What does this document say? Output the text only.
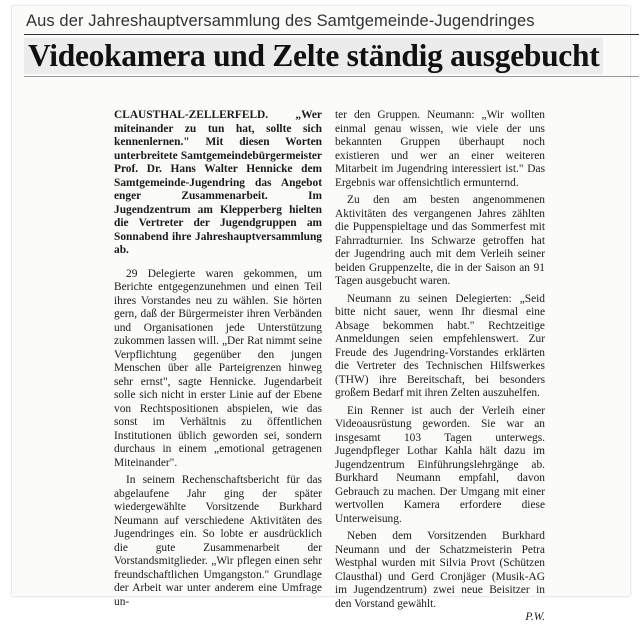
Aus der Jahreshauptversammlung des Samtgemeinde-Jugendringes
Videokamera und Zelte ständig ausgebucht

CLAUSTHAL-ZELLERFELD. „Wer miteinander zu tun hat, sollte sich kennenlernen." Mit diesen Worten unterbreitete Samtgemeindebürgermeister Prof. Dr. Hans Walter Hennicke dem Samtgemeinde-Jugendring das Angebot enger Zusammenarbeit. Im Jugendzentrum am Klepperberg hielten die Vertreter der Jugendgruppen am Sonnabend ihre Jahreshauptversammlung ab.

29 Delegierte waren gekommen, um Berichte entgegenzunehmen und einen Teil ihres Vorstandes neu zu wählen. Sie hörten gern, daß der Bürgermeister ihren Verbänden und Organisationen jede Unterstützung zukommen lassen will. „Der Rat nimmt seine Verpflichtung gegenüber den jungen Menschen über alle Parteigrenzen hinweg sehr ernst", sagte Hennicke. Jugendarbeit solle sich nicht in erster Linie auf der Ebene von Rechtspositionen abspielen, wie das sonst im Verhältnis zu öffentlichen Institutionen üblich geworden sei, sondern durchaus in einem „emotional getragenen Miteinander".

In seinem Rechenschaftsbericht für das abgelaufene Jahr ging der später wiedergewählte Vorsitzende Burkhard Neumann auf verschiedene Aktivitäten des Jugendringes ein. So lobte er ausdrücklich die gute Zusammenarbeit der Vorstandsmitglieder. „Wir pflegen einen sehr freundschaftlichen Umgangston." Grundlage der Arbeit war unter anderem eine Umfrage un-

ter den Gruppen. Neumann: „Wir wollten einmal genau wissen, wie viele der uns bekannten Gruppen überhaupt noch existieren und wer an einer weiteren Mitarbeit im Jugendring interessiert ist." Das Ergebnis war offensichtlich ermunternd.

Zu den am besten angenommenen Aktivitäten des vergangenen Jahres zählten die Puppenspieltage und das Sommerfest mit Fahrradturnier. Ins Schwarze getroffen hat der Jugendring auch mit dem Verleih seiner beiden Gruppenzelte, die in der Saison an 91 Tagen ausgebucht waren.

Neumann zu seinen Delegierten: „Seid bitte nicht sauer, wenn Ihr diesmal eine Absage bekommen habt." Rechtzeitige Anmeldungen seien empfehlenswert. Zur Freude des Jugendring-Vorstandes erklärten die Vertreter des Technischen Hilfswerkes (THW) ihre Bereitschaft, bei besonders großem Bedarf mit ihren Zelten auszuhelfen.

Ein Renner ist auch der Verleih einer Videoausrüstung geworden. Sie war an insgesamt 103 Tagen unterwegs. Jugendpfleger Lothar Kahla hält dazu im Jugendzentrum Einführungslehrgänge ab. Burkhard Neumann empfahl, davon Gebrauch zu machen. Der Umgang mit einer wertvollen Kamera erfordere diese Unterweisung.

Neben dem Vorsitzenden Burkhard Neumann und der Schatzmeisterin Petra Westphal wurden mit Silvia Provt (Schützen Clausthal) und Gerd Cronjäger (Musik-AG im Jugendzentrum) zwei neue Beisitzer in den Vorstand gewählt.

P.W.
